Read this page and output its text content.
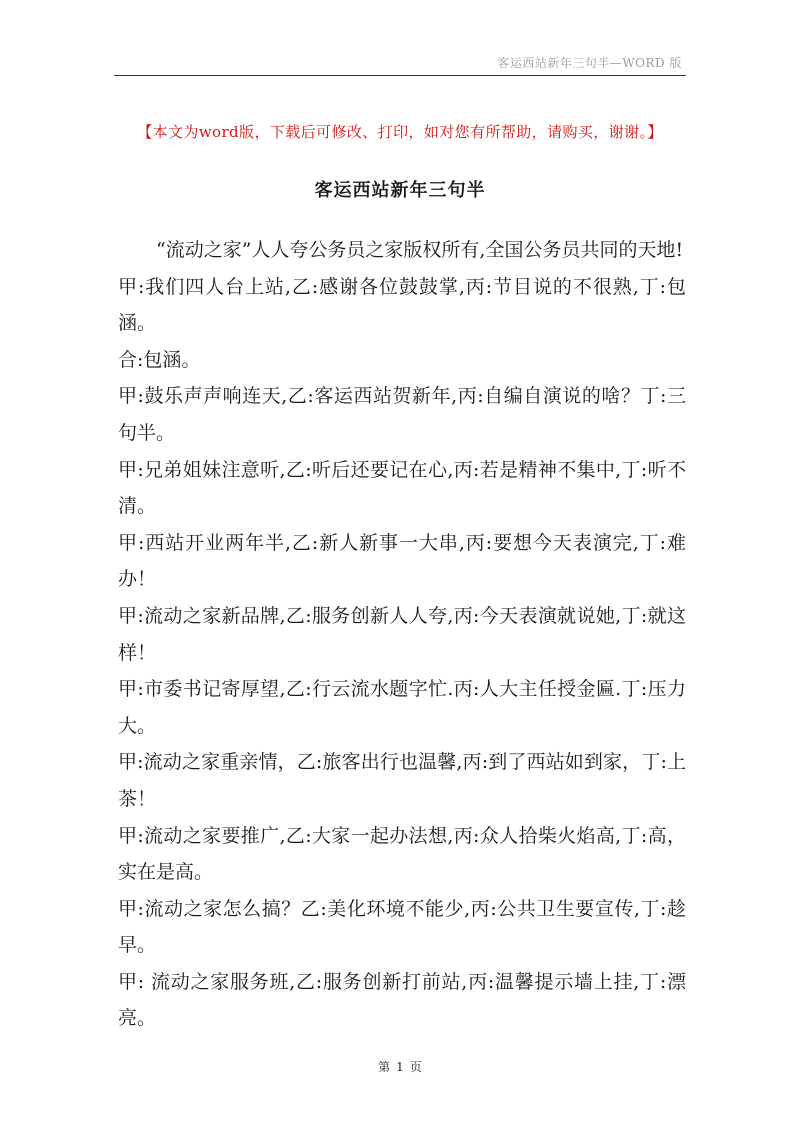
客运西站新年三句半—WORD 版
【本文为word版，下载后可修改、打印，如对您有所帮助，请购买，谢谢。】
客运西站新年三句半

“流动之家”人人夸公务员之家版权所有,全国公务员共同的天地!

甲:我们四人台上站,乙:感谢各位鼓鼓掌,丙:节目说的不很熟,丁:包涵。

合:包涵。

甲:鼓乐声声响连天,乙:客运西站贺新年,丙:自编自演说的啥？丁:三句半。

甲:兄弟姐妹注意听,乙:听后还要记在心,丙:若是精神不集中,丁:听不清。

甲:西站开业两年半,乙:新人新事一大串,丙:要想今天表演完,丁:难办！

甲:流动之家新品牌,乙:服务创新人人夸,丙:今天表演就说她,丁:就这样！

甲:市委书记寄厚望,乙:行云流水题字忙.丙:人大主任授金匾.丁:压力大。

甲:流动之家重亲情，乙:旅客出行也温馨,丙:到了西站如到家，丁:上茶！

甲:流动之家要推广,乙:大家一起办法想,丙:众人拾柴火焰高,丁:高，实在是高。

甲:流动之家怎么搞？乙:美化环境不能少,丙:公共卫生要宣传,丁:趁早。

甲: 流动之家服务班,乙:服务创新打前站,丙:温馨提示墙上挂,丁:漂亮。

第 1 页
